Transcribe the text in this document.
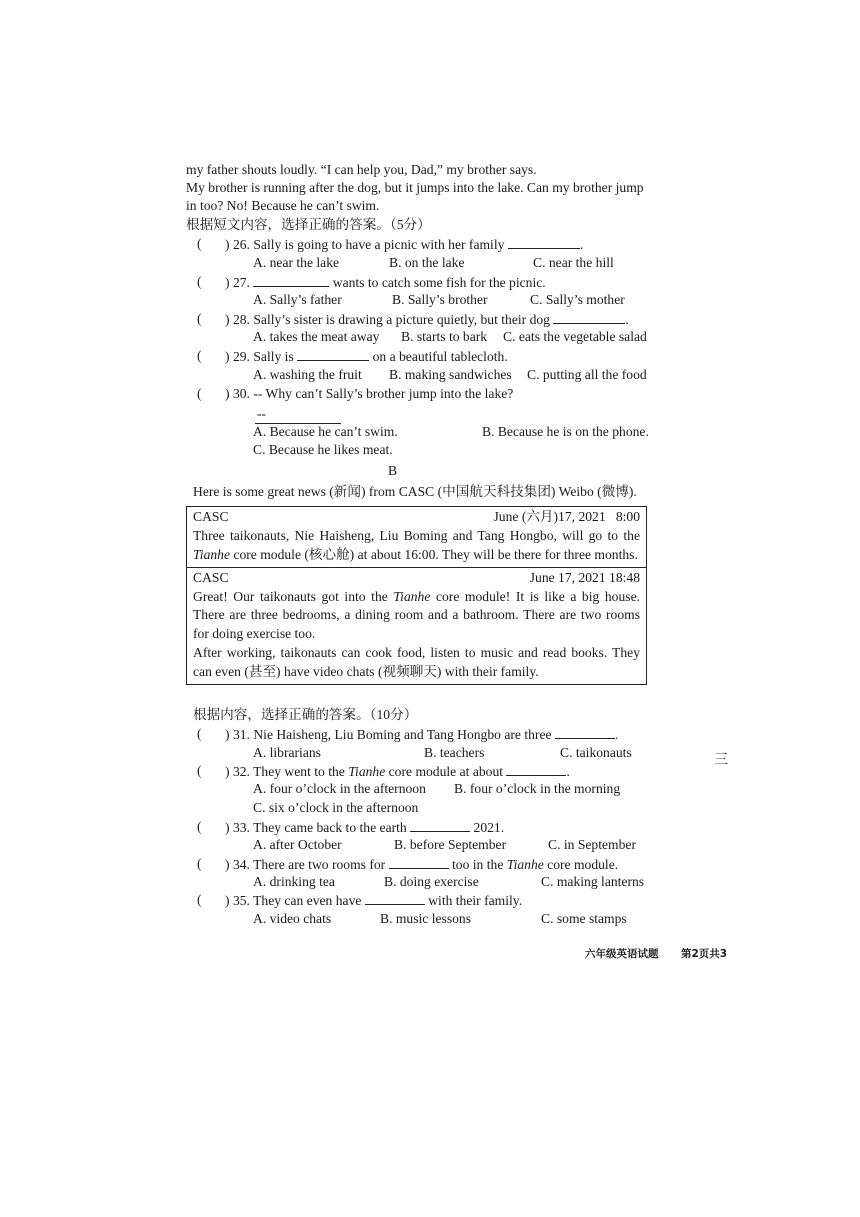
my father shouts loudly. “I can help you, Dad,” my brother says.
My brother is running after the dog, but it jumps into the lake. Can my brother jump
in too? No! Because he can’t swim.
根据短文内容，选择正确的答案。（5分）
( ) 26. Sally is going to have a picnic with her family	.
A. near the lake	B. on the lake	C. near the hill
( ) 27.	wants to catch some fish for the picnic.
A. Sally’s father	B. Sally’s brother	C. Sally’s mother
( ) 28. Sally’s sister is drawing a picture quietly, but their dog	.
A. takes the meat away B. starts to bark C. eats the vegetable salad
( ) 29. Sally is	on a beautiful tablecloth.
A. washing the fruit B. making sandwiches C. putting all the food
( ) 30. -- Why can’t Sally’s brother jump into the lake?
--
A. Because he can’t swim.	B. Because he is on the phone.
C. Because he likes meat.
B
Here is some great news (新闻) from CASC (中国航天科技集团) Weibo (微博).
CASC	June (六月)17, 2021   8:00
Three taikonauts, Nie Haisheng, Liu Boming and Tang Hongbo, will go to the Tianhe core module (核心舱) at about 16:00. They will be there for three months.
CASC	June 17, 2021 18:48
Great! Our taikonauts got into the Tianhe core module! It is like a big house. There are three bedrooms, a dining room and a bathroom. There are two rooms for doing exercise too.
After working, taikonauts can cook food, listen to music and read books. They can even (甚至) have video chats (视频聊天) with their family.
根据内容，选择正确的答案。（10分）
( ) 31. Nie Haisheng, Liu Boming and Tang Hongbo are three	.
A. librarians	B. teachers	C. taikonauts
( ) 32. They went to the Tianhe core module at about	.
A. four o’clock in the afternoon B. four o’clock in the morning
C. six o’clock in the afternoon
( ) 33. They came back to the earth	2021.
A. after October	B. before September	C. in September
( ) 34. There are two rooms for	too in the Tianhe core module.
A. drinking tea	B. doing exercise	C. making lanterns
( ) 35. They can even have	with their family.
A. video chats	B. music lessons	C. some stamps
六年级英语试题 第2页共3
三
